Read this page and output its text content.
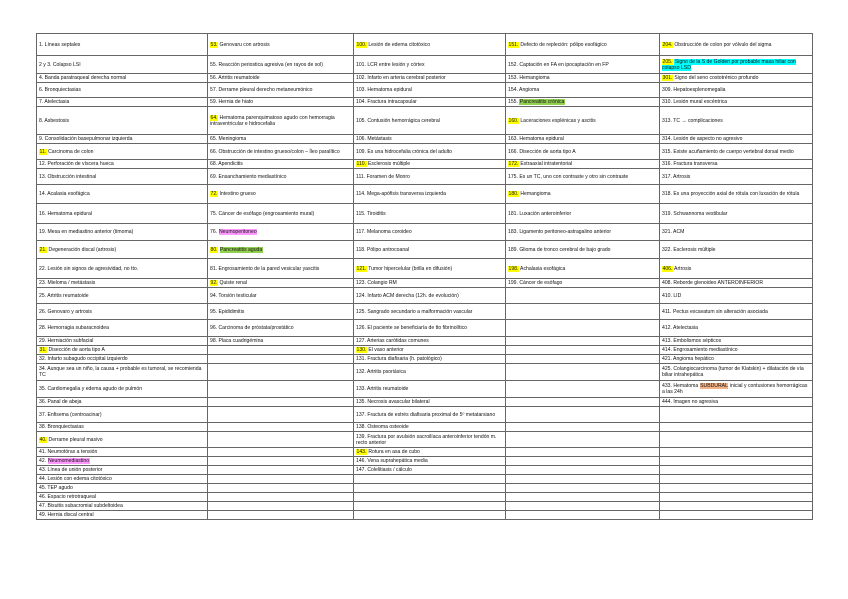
1. Líneas septales	53. Genovaru con artrosis	100. Lesión de edema citotóxico	151. Defecto de repleción: pólipo esofágico	204. Obstrucción de colon por vólvulo del sigma
2 y 3. Colapso LSI	55. Reacción periostica agresiva (en rayos de sol)	101. LCR entre lesión y córtex	152. Captación en FA en ipocaptación en FP	205. Signo de la S de Golden por probable masa hiliar con colapso LSD
4. Banda paratraqueal derecha normal	56. Artritis reumatoide	102. Infarto en arteria cerebral posterior	153. Hemangioma	301. Signo del seno costotrénico profundo
6. Bronquiectasias	57. Derrame pleural derecho metaneumónico	103. Hematoma epidural	154. Angioma	309. Hepatoesplenomegalia
7. Atelectasia	59. Hernia de hiato	104. Fractura intracapsular	155. Pancreatitis crónica	310. Lesión mural excéntrica
8. Asbestosis	64. Hematoma parenquimatoso agudo con hemorragia intraventricular e hidrocefalia	105. Contusión hemorrágica cerebral	160. Laceraciones esplénicas y ascitis	313. TC → complicaciones
9. Consolidación basepulmonar izquierda	65. Meningioma	106. Metástasis	163. Hematoma epidural	314. Lesión de aspecto no agresivo
11. Carcinoma de colon	66. Obstrucción de intestino grueso/colon – Íleo paralítico	109. Es una hidrocefalia crónica del adulto	166. Disección de aorta tipo A	315. Existe acuñamiento de cuerpo vertebral dorsal medio
12. Perforación de víscera hueca	68. Apendicitis	110. Esclerosis múltiple	172. Extraaxial intratentorial	316. Fractura transversa
13. Obstrucción intestinal	69. Ensanchamiento mediastínico	111. Foramen de Monro	175. Es un TC, uno con contraste y otro sin contraste	317. Artrosis
14. Acalasia esofágica	72. Intestino grueso	114. Mega-apófisis transversa izquierda	180. Hemangioma	318. Es una proyección axial de rótula con luxación de rótula
16. Hematoma epidural	75. Cáncer de esófago (engrosamiento mural)	115. Tiroiditis	181. Luxación anteroinferior	319. Schwannoma vestibular
19. Mesa en mediastino anterior (timoma)	76. Neumoperitoneo	117. Melanoma coroideo	183. Ligamento peritoneo-astragalino anterior	321. ACM
21. Degeneración discal (artrosis)	80. Pancreatitis aguda	118. Pólipo antrocoanal	189. Glioma de tronco cerebral de bajo grado	322. Esclerosis múltiple
22. Lesión sin signos de agresividad, no tto.	81. Engrosamiento de la pared vesicular yascitis	121. Tumor hipercelular (brilla en difusión)	198. Achalasia esofágica	406. Artrosis
23. Mieloma / metástasis	92. Quiste renal	123. Colangio RM	199. Cáncer de esófago	408. Reborde glenoideo ANTEROINFERIOR
25. Artritis reumatoide	94. Torsión testicular	124. Infarto ACM derecha (12h. de evolución)		410. LID
26. Genovaro y artrosis	95. Epididimitis	125. Sangrado secundario a malformación vascular		411. Pectus excavatum sin alteración asociada
28. Hemorragia subaracnoidea	96. Carcinoma de próstata/prostático	126. El paciente se beneficiaría de tto fibrinolítico		412. Atelectasia
29. Herniación subfacial	98. Placa cuadrigémina	127. Arterias carótidas comunes		413. Embolismos sépticos
31. Disección de aorta tipo A		130. El vaso anterior		414. Engrosamiento mediastínico
32. Infarto subagudo occipital izquierdo		131. Fractura diafisaria (h. patológico)		421. Angioma hepático
34. Aunque sea un niño, la causa + probable es tumoral, se recomienda TC		132. Artritis psoriásica		425. Colangiocarcinoma (tumor de Klatskin) + dilatación de vía biliar intrahepática
35. Cardiomegalia y edema agudo de pulmón		133. Artritis reumatoide		433. Hematoma SUBDURAL inicial y contusiones hemorrágicas a las 24h
36. Panal de abeja		135. Necrosis avascular bilateral		444. Imagen no agresiva
37. Enfisema (centroacinar)		137. Fractura de estrés diafisaria proximal de 5º metatarsiano		
38. Bronquiectasias		138. Osteoma osteoide		
40. Derrame pleural masivo		139. Fractura por avulsión sacroilíaca anteroinferior tendón m. recto anterior		
41. Neumotórax a tensión		143. Rotura en asa de cubo		
42. Neumomediastino		146. Vena suprahepática media		
43. Línea de unión posterior		147. Colelitiasis / cálculo		
44. Lesión con edema citotóxico				
45. TEP agudo				
46. Espacio retrotraqueal				
47. Bisuitis subacromial subdeltoidea				
49. Hernia discal central				
